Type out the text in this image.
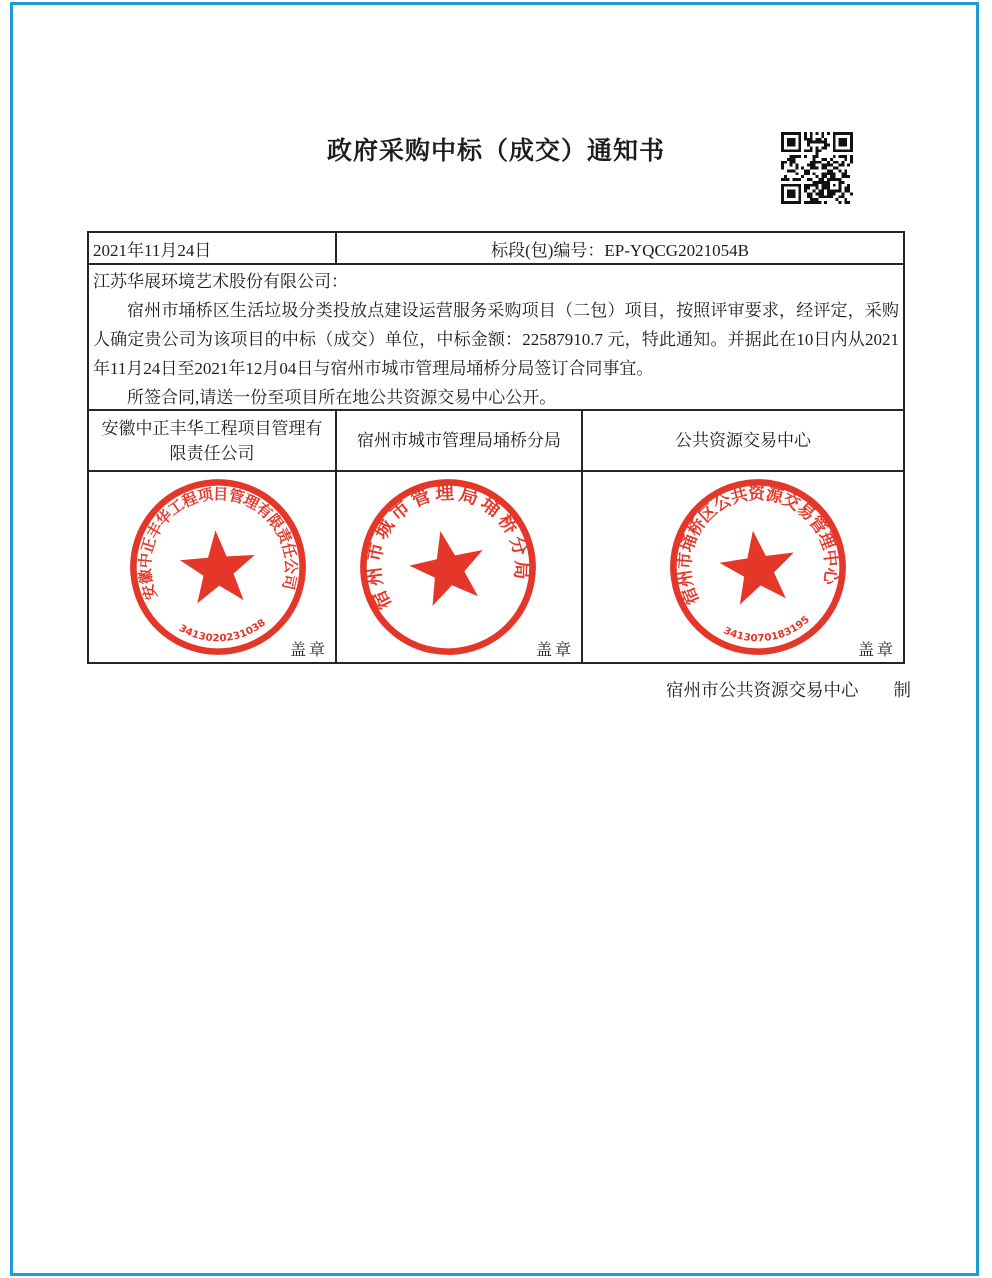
政府采购中标（成交）通知书
2021年11月24日	标段(包)编号：EP-YQCG2021054B

江苏华展环境艺术股份有限公司：

宿州市埇桥区生活垃圾分类投放点建设运营服务采购项目（二包）项目，按照评审要求，经评定，采购人确定贵公司为该项目的中标（成交）单位，中标金额：22587910.7 元，特此通知。并据此在10日内从2021年11月24日至2021年12月04日与宿州市城市管理局埇桥分局签订合同事宜。

所签合同,请送一份至项目所在地公共资源交易中心公开。

安徽中正丰华工程项目管理有限责任公司
宿州市城市管理局埇桥分局	公共资源交易中心
安徽中正丰华工程项目管理有限责任公司
3413020231038
盖章
宿州市城市管理局埇桥分局
盖章
宿州市埇桥区公共资源交易管理中心
3413070183195
盖章
宿州市公共资源交易中心　　制
